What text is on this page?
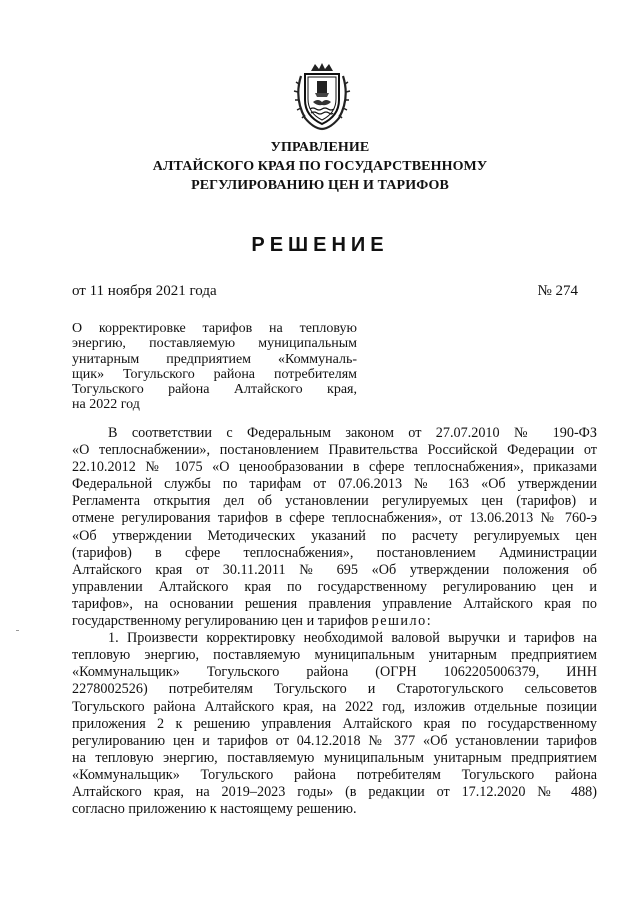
УПРАВЛЕНИЕ
АЛТАЙСКОГО КРАЯ ПО ГОСУДАРСТВЕННОМУ
РЕГУЛИРОВАНИЮ ЦЕН И ТАРИФОВ
РЕШЕНИЕ
от 11 ноября 2021 года	№ 274
О корректировке тарифов на тепловую
энергию, поставляемую муниципальным
унитарным предприятием «Коммуналь-
щик» Тогульского района потребителям
Тогульского района Алтайского края,
на 2022 год
В соответствии с Федеральным законом от 27.07.2010 № 190-ФЗ
«О теплоснабжении», постановлением Правительства Российской Федерации от
22.10.2012 № 1075 «О ценообразовании в сфере теплоснабжения», приказами
Федеральной службы по тарифам от 07.06.2013 № 163 «Об утверждении
Регламента открытия дел об установлении регулируемых цен (тарифов) и
отмене регулирования тарифов в сфере теплоснабжения», от 13.06.2013 № 760-э
«Об утверждении Методических указаний по расчету регулируемых цен
(тарифов) в сфере теплоснабжения», постановлением Администрации
Алтайского края от 30.11.2011 № 695 «Об утверждении положения об
управлении Алтайского края по государственному регулированию цен и
тарифов», на основании решения правления управление Алтайского края по
государственному регулированию цен и тарифов решило:
1. Произвести корректировку необходимой валовой выручки и тарифов на
тепловую энергию, поставляемую муниципальным унитарным предприятием
«Коммунальщик» Тогульского района (ОГРН 1062205006379, ИНН
2278002526) потребителям Тогульского и Старотогульского сельсоветов
Тогульского района Алтайского края, на 2022 год, изложив отдельные позиции
приложения 2 к решению управления Алтайского края по государственному
регулированию цен и тарифов от 04.12.2018 № 377 «Об установлении тарифов
на тепловую энергию, поставляемую муниципальным унитарным предприятием
«Коммунальщик» Тогульского района потребителям Тогульского района
Алтайского края, на 2019–2023 годы» (в редакции от 17.12.2020 № 488)
согласно приложению к настоящему решению.
